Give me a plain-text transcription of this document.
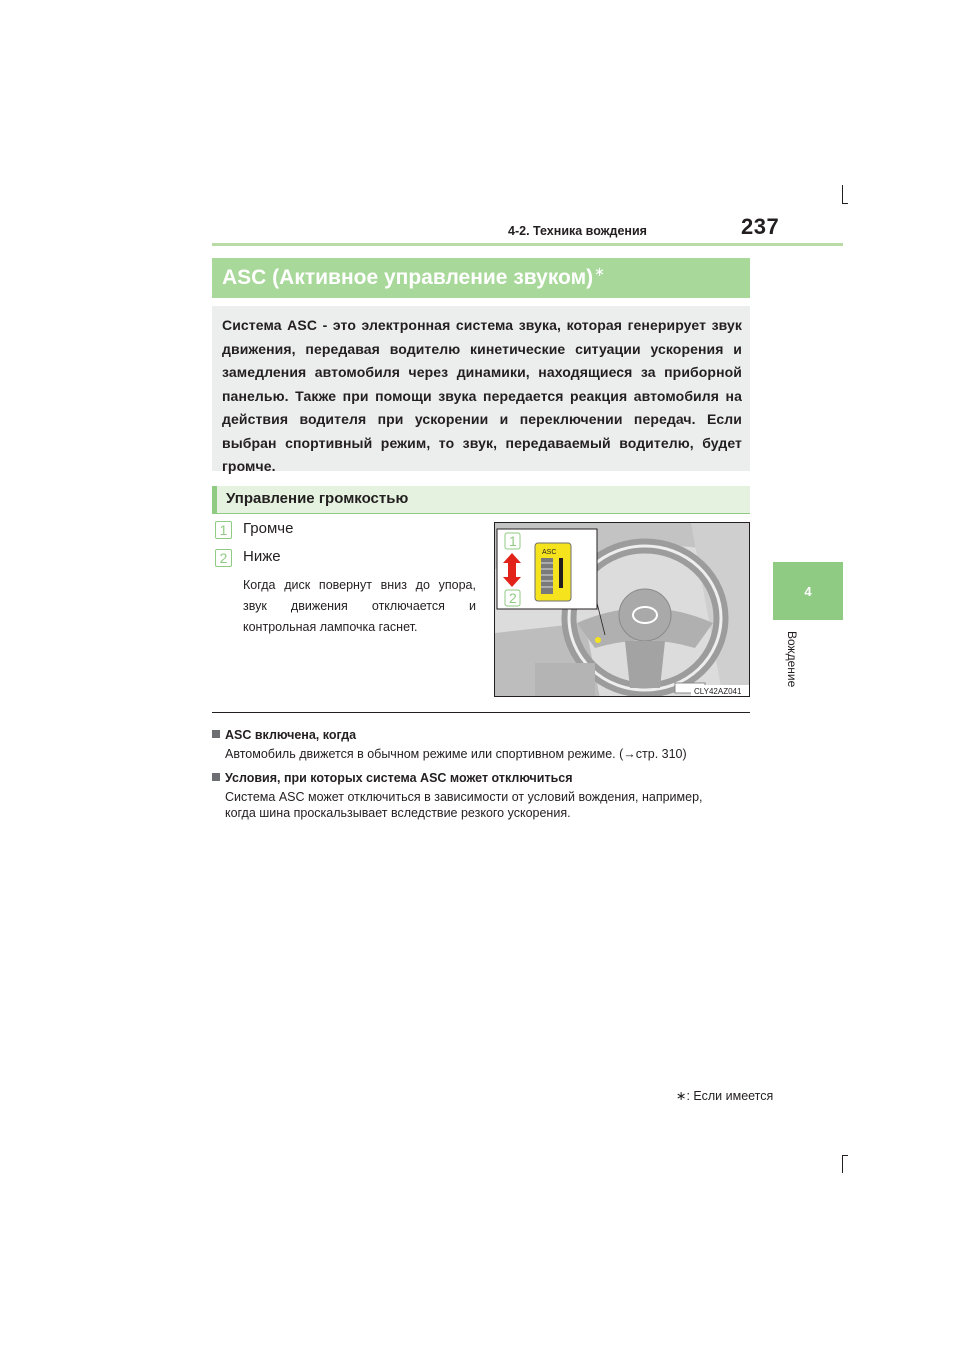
4-2. Техника вождения	237
4
Вождение
ASC (Активное управление звуком)∗
Система ASC - это электронная система звука, которая генерирует звук движения, передавая водителю кинетические ситуации ускорения и замедления автомобиля через динамики, находящиеся за приборной панелью. Также при помощи звука передается реакция автомобиля на действия водителя при ускорении и переключении передач. Если выбран спортивный режим, то звук, передаваемый водителю, будет громче.
Управление громкостью
1	Громче
2	Ниже
Когда диск повернут вниз до упора, звук движения отключается и контрольная лампочка гаснет.
ASC
1
2
CLY42AZ041
ASC включена, когда
Автомобиль движется в обычном режиме или спортивном режиме. (→стр. 310)
Условия, при которых система ASC может отключиться
Система ASC может отключиться в зависимости от условий вождения, например,
когда шина проскальзывает вследствие резкого ускорения.
∗: Если имеется
